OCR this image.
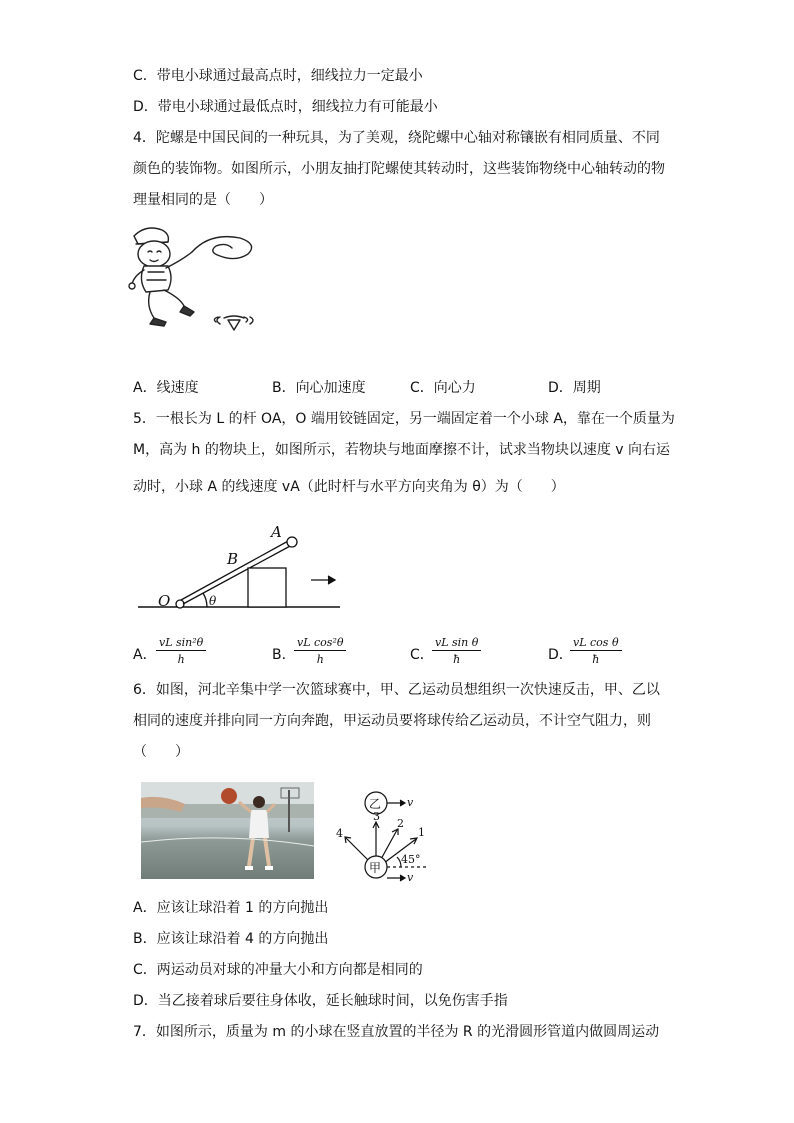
C．带电小球通过最高点时，细线拉力一定最小
D．带电小球通过最低点时，细线拉力有可能最小
4．陀螺是中国民间的一种玩具，为了美观，绕陀螺中心轴对称镶嵌有相同质量、不同
颜色的装饰物。如图所示，小朋友抽打陀螺使其转动时，这些装饰物绕中心轴转动的物
理量相同的是（　　）
A．线速度	B．向心加速度	C．向心力	D．周期
5．一根长为 L 的杆 OA，O 端用铰链固定，另一端固定着一个小球 A，靠在一个质量为
M，高为 h 的物块上，如图所示，若物块与地面摩擦不计，试求当物块以速度 v 向右运
动时，小球 A 的线速度 vA（此时杆与水平方向夹角为 θ）为（　　）
O
B
A
θ
A． $\frac{\text{vL sin²θ}}{h}$	B．
$\frac{\text{vL cos²θ}}{h}$	C．
$\frac{\text{vL sin θ}}{ħ}$	D．
$\frac{\text{vL cos θ}}{ħ}$
6．如图，河北辛集中学一次篮球赛中，甲、乙运动员想组织一次快速反击，甲、乙以
相同的速度并排向同一方向奔跑，甲运动员要将球传给乙运动员，不计空气阻力，则
（　　）
乙
甲
v
v
1
2
3
4
45°
A．应该让球沿着 1 的方向抛出
B．应该让球沿着 4 的方向抛出
C．两运动员对球的冲量大小和方向都是相同的
D．当乙接着球后要往身体收，延长触球时间，以免伤害手指
7．如图所示，质量为 m 的小球在竖直放置的半径为 R 的光滑圆形管道内做圆周运动
